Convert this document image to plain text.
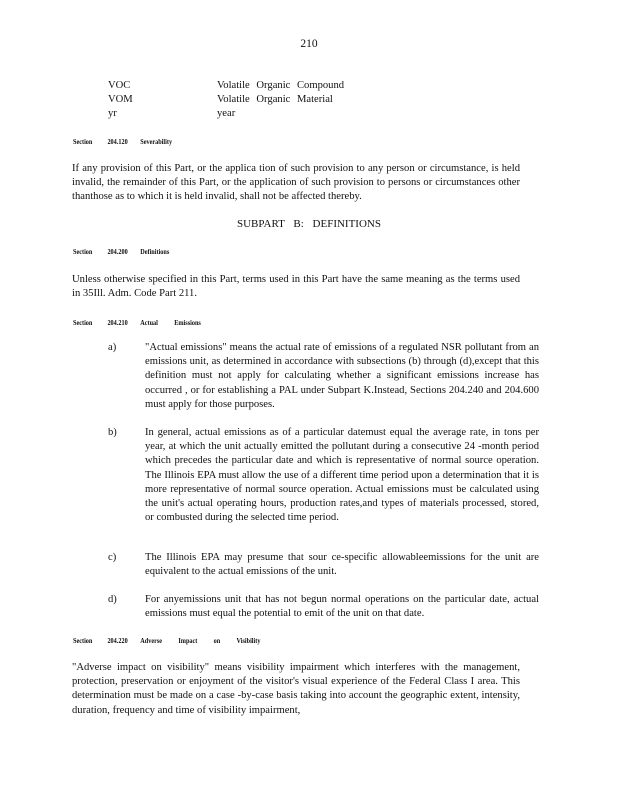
210
VOC	Volatile Organic Compound
VOM	Volatile Organic Material
yr	year
Section 204.120 Severability
If any provision of this Part, or the applica tion of such provision to any person or circumstance, is held invalid, the remainder of this Part, or the application of such provision to persons or circumstances other thanthose as to which it is held invalid, shall not be affected thereby.
SUBPART B: DEFINITIONS
Section 204.200 Definitions
Unless otherwise specified in this Part, terms used in this Part have the same meaning as the terms used in 35Ill. Adm. Code Part 211.
Section 204.210 Actual Emissions
a)	"Actual emissions" means the actual rate of emissions of a regulated NSR pollutant from an emissions unit, as determined in accordance with subsections (b) through (d),except that this definition must not apply for calculating whether a significant emissions increase has occurred , or for establishing a PAL under Subpart K.Instead, Sections 204.240 and 204.600 must apply for those purposes.
b)	In general, actual emissions as of a particular datemust equal the average rate, in tons per year, at which the unit actually emitted the pollutant during a consecutive 24 -month period which precedes the particular date and which is representative of normal source operation. The Illinois EPA must allow the use of a different time period upon a determination that it is more representative of normal source operation. Actual emissions must be calculated using the unit's actual operating hours, production rates,and types of materials processed, stored, or combusted during the selected time period.
c)	The Illinois EPA may presume that sour ce-specific allowableemissions for the unit are equivalent to the actual emissions of the unit.
d)	For anyemissions unit that has not begun normal operations on the particular date, actual emissions must equal the potential to emit of the unit on that date.
Section 204.220 Adverse Impact on Visibility
"Adverse impact on visibility" means visibility impairment which interferes with the management, protection, preservation or enjoyment of the visitor's visual experience of the Federal Class I area. This determination must be made on a case -by-case basis taking into account the geographic extent, intensity, duration, frequency and time of visibility impairment,
